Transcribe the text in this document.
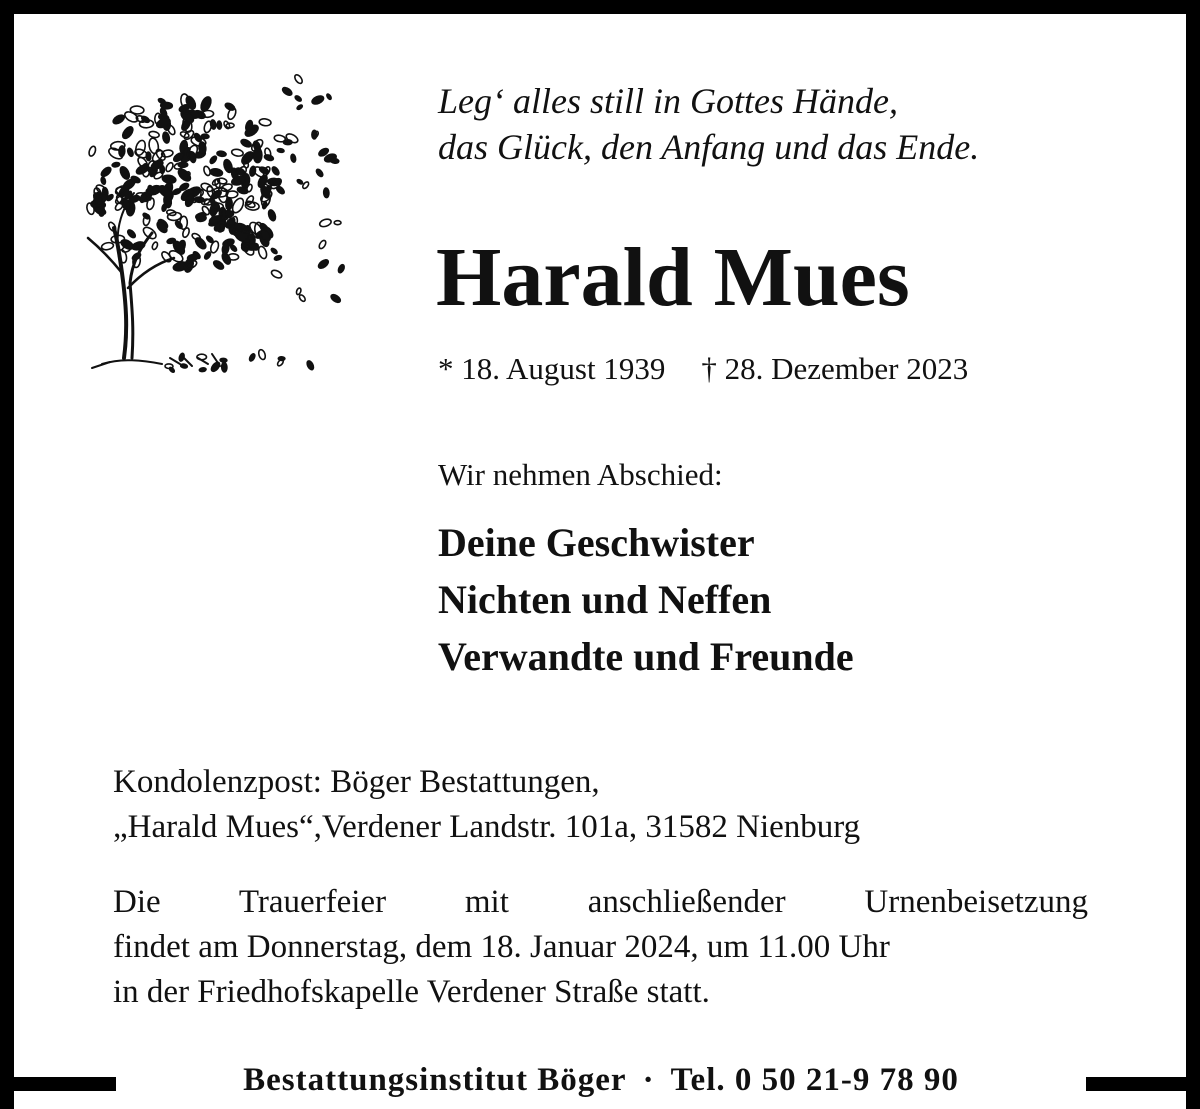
Leg‘ alles still in Gottes Hände,
das Glück, den Anfang und das Ende.
Harald Mues
* 18. August 1939 † 28. Dezember 2023
Wir nehmen Abschied:
Deine Geschwister
Nichten und Neffen
Verwandte und Freunde
Kondolenzpost: Böger Bestattungen,
„Harald Mues“,Verdener Landstr. 101a, 31582 Nienburg
Die Trauerfeier mit anschließender Urnenbeisetzung
findet am Donnerstag, dem 18. Januar 2024, um 11.00 Uhr
in der Friedhofskapelle Verdener Straße statt.
Bestattungsinstitut Böger · Tel. 0 50 21-9 78 90
